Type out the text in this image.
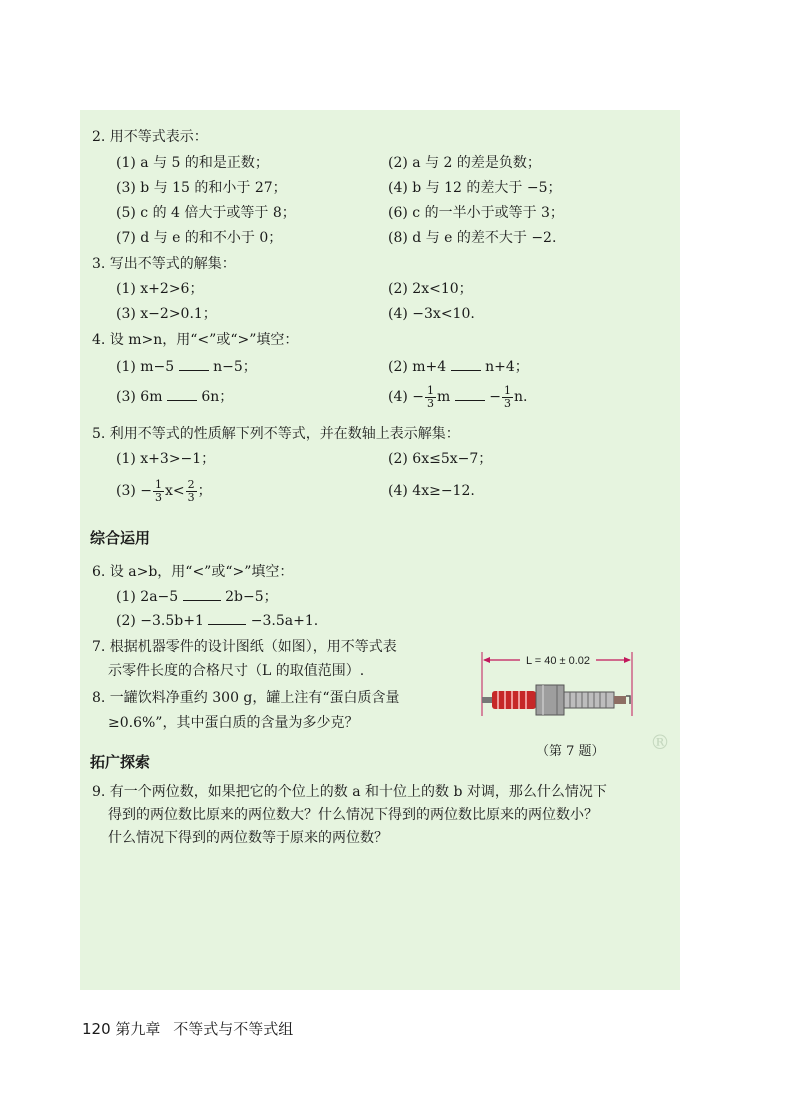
2. 用不等式表示：
(1) a 与 5 的和是正数；	(2) a 与 2 的差是负数；
(3) b 与 15 的和小于 27；	(4) b 与 12 的差大于 −5；
(5) c 的 4 倍大于或等于 8；	(6) c 的一半小于或等于 3；
(7) d 与 e 的和不小于 0；	(8) d 与 e 的差不大于 −2.
3. 写出不等式的解集：
(1) x+2>6；	(2) 2x<10；
(3) x−2>0.1；	(4) −3x<10.
4. 设 m>n，用“<”或“>”填空：
(1) m−5	n−5；	(2) m+4	n+4；
(3) 6m	6n；	$(4) - \frac{1}{3}$ m	− $\frac{1}{3} n$.
5. 利用不等式的性质解下列不等式，并在数轴上表示解集：
(1) x+3>−1；	(2) 6x≤5x−7；
$(3) - \frac{1}{3} x< \frac{2}{3}$ ；	(4) 4x≥−12.
综合运用
6. 设 a>b，用“<”或“>”填空：
(1) 2a−5	2b−5；
(2) −3.5b+1	−3.5a+1.
7. 根据机器零件的设计图纸（如图），用不等式表
示零件长度的合格尺寸（L 的取值范围）.
8. 一罐饮料净重约 300 g，罐上注有“蛋白质含量
≥0.6%”，其中蛋白质的含量为多少克？
L = 40 ± 0.02
（第 7 题） ®
拓广探索
9. 有一个两位数，如果把它的个位上的数 a 和十位上的数 b 对调，那么什么情况下
得到的两位数比原来的两位数大？什么情况下得到的两位数比原来的两位数小？
什么情况下得到的两位数等于原来的两位数？
120 第九章 不等式与不等式组
